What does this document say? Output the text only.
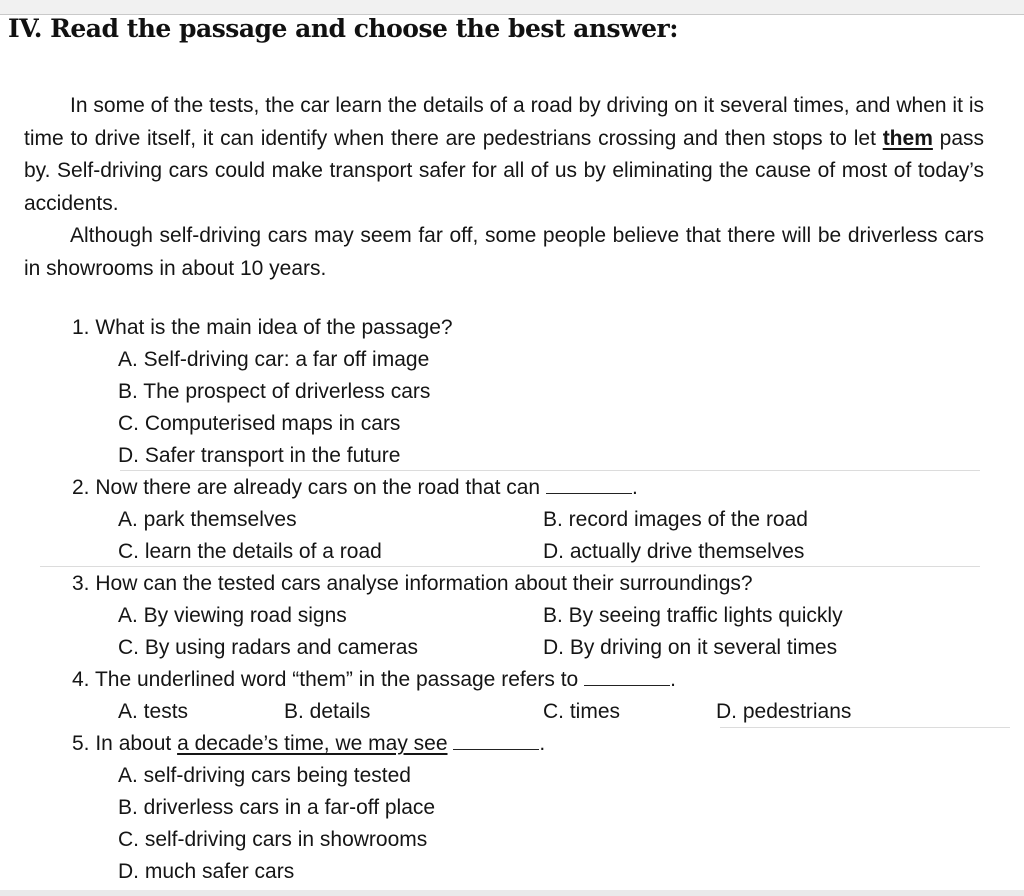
IV. Read the passage and choose the best answer:

In some of the tests, the car learn the details of a road by driving on it several times, and when it is time to drive itself, it can identify when there are pedestrians crossing and then stops to let them pass by. Self-driving cars could make transport safer for all of us by eliminating the cause of most of today’s accidents.

Although self-driving cars may seem far off, some people believe that there will be driverless cars in showrooms in about 10 years.

1. What is the main idea of the passage?
A. Self-driving car: a far off image
B. The prospect of driverless cars
C. Computerised maps in cars
D. Safer transport in the future
2. Now there are already cars on the road that can	.
A. park themselves	B. record images of the road
C. learn the details of a road	D. actually drive themselves
3. How can the tested cars analyse information about their surroundings?
A. By viewing road signs	B. By seeing traffic lights quickly
C. By using radars and cameras	D. By driving on it several times
4. The underlined word “them” in the passage refers to	.
A. tests	B. details	C. times	D. pedestrians
5. In about a decade’s time, we may see	.
A. self-driving cars being tested
B. driverless cars in a far-off place
C. self-driving cars in showrooms
D. much safer cars
